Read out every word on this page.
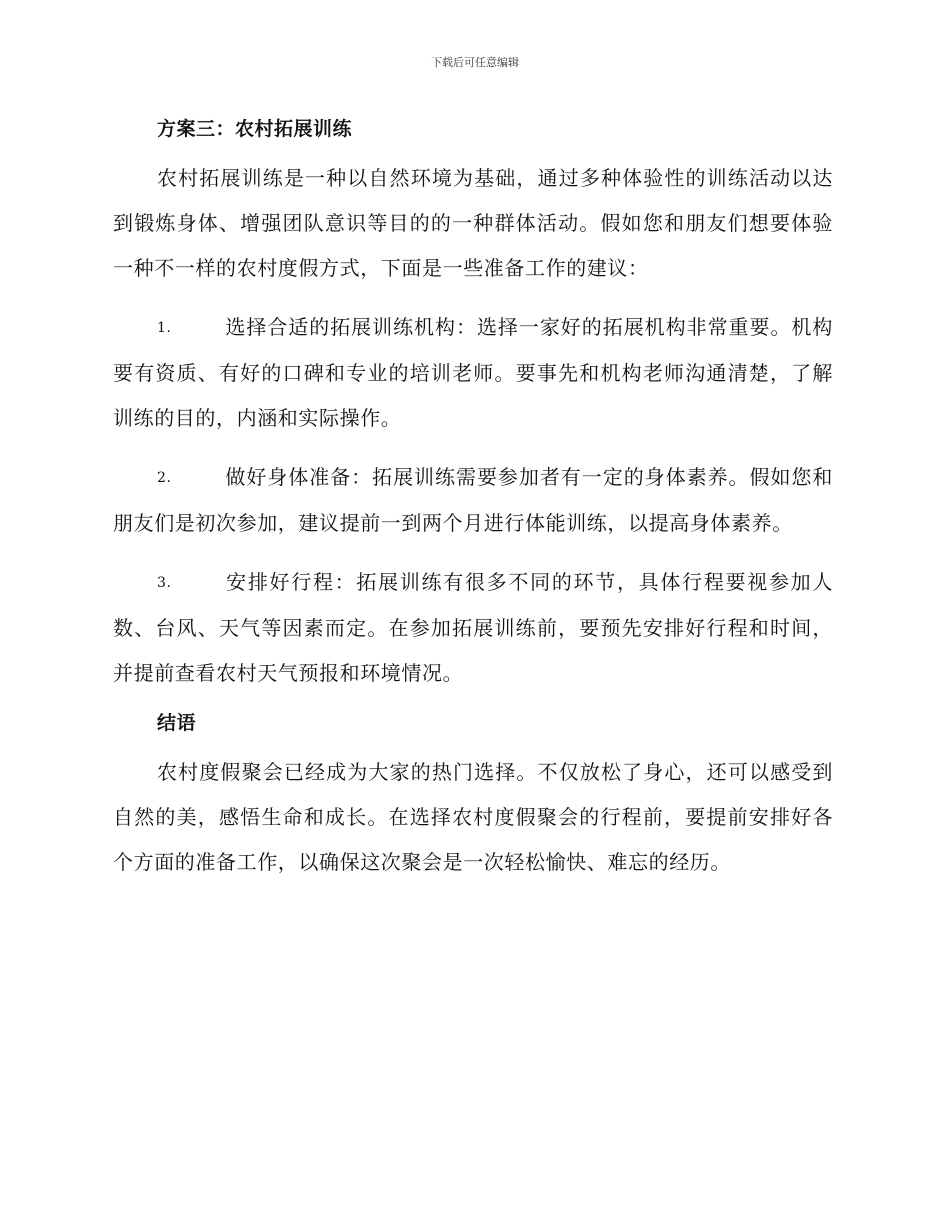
下载后可任意编辑
方案三：农村拓展训练

农村拓展训练是一种以自然环境为基础，通过多种体验性的训练活动以达到锻炼身体、增强团队意识等目的的一种群体活动。假如您和朋友们想要体验一种不一样的农村度假方式，下面是一些准备工作的建议：

1.	选择合适的拓展训练机构：选择一家好的拓展机构非常重要。机构要有资质、有好的口碑和专业的培训老师。要事先和机构老师沟通清楚，了解训练的目的，内涵和实际操作。

2.	做好身体准备：拓展训练需要参加者有一定的身体素养。假如您和朋友们是初次参加，建议提前一到两个月进行体能训练，以提高身体素养。

3.	安排好行程：拓展训练有很多不同的环节，具体行程要视参加人数、台风、天气等因素而定。在参加拓展训练前，要预先安排好行程和时间，并提前查看农村天气预报和环境情况。

结语

农村度假聚会已经成为大家的热门选择。不仅放松了身心，还可以感受到自然的美，感悟生命和成长。在选择农村度假聚会的行程前，要提前安排好各个方面的准备工作，以确保这次聚会是一次轻松愉快、难忘的经历。
